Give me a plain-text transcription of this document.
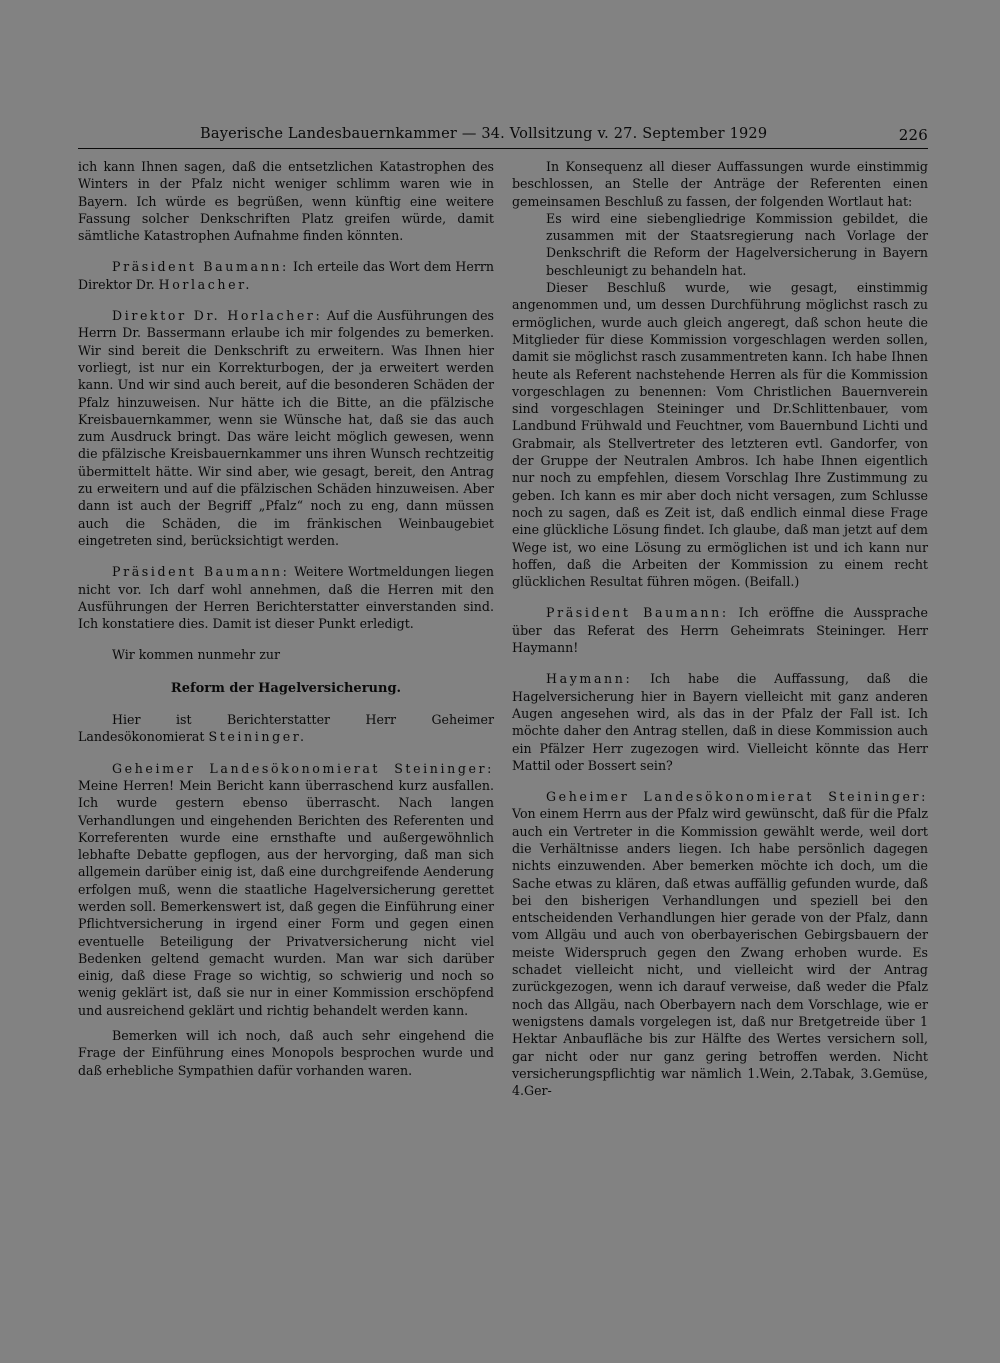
Bayerische Landesbauernkammer — 34. Vollsitzung v. 27. September 1929	226

ich kann Ihnen sagen, daß die entsetzlichen Katastrophen des Winters in der Pfalz nicht weniger schlimm waren wie in Bayern. Ich würde es begrüßen, wenn künftig eine weitere Fassung solcher Denkschriften Platz greifen würde, damit sämtliche Katastrophen Aufnahme finden könnten.

Präsident Baumann: Ich erteile das Wort dem Herrn Direktor Dr. Horlacher.

Direktor Dr. Horlacher: Auf die Ausführungen des Herrn Dr. Bassermann erlaube ich mir folgendes zu bemerken. Wir sind bereit die Denkschrift zu erweitern. Was Ihnen hier vorliegt, ist nur ein Korrekturbogen, der ja erweitert werden kann. Und wir sind auch bereit, auf die besonderen Schäden der Pfalz hinzuweisen. Nur hätte ich die Bitte, an die pfälzische Kreisbauernkammer, wenn sie Wünsche hat, daß sie das auch zum Ausdruck bringt. Das wäre leicht möglich gewesen, wenn die pfälzische Kreisbauernkammer uns ihren Wunsch rechtzeitig übermittelt hätte. Wir sind aber, wie gesagt, bereit, den Antrag zu erweitern und auf die pfälzischen Schäden hinzuweisen. Aber dann ist auch der Begriff „Pfalz“ noch zu eng, dann müssen auch die Schäden, die im fränkischen Weinbaugebiet eingetreten sind, berücksichtigt werden.

Präsident Baumann: Weitere Wortmeldungen liegen nicht vor. Ich darf wohl annehmen, daß die Herren mit den Ausführungen der Herren Berichterstatter einverstanden sind. Ich konstatiere dies. Damit ist dieser Punkt erledigt.

Wir kommen nunmehr zur

Reform der Hagelversicherung.

Hier ist Berichterstatter Herr Geheimer Landesökonomierat Steininger.

Geheimer Landesökonomierat Steininger: Meine Herren! Mein Bericht kann überraschend kurz ausfallen. Ich wurde gestern ebenso überrascht. Nach langen Verhandlungen und eingehenden Berichten des Referenten und Korreferenten wurde eine ernsthafte und außergewöhnlich lebhafte Debatte gepflogen, aus der hervorging, daß man sich allgemein darüber einig ist, daß eine durchgreifende Aenderung erfolgen muß, wenn die staatliche Hagelversicherung gerettet werden soll. Bemerkenswert ist, daß gegen die Einführung einer Pflichtversicherung in irgend einer Form und gegen einen eventuelle Beteiligung der Privatversicherung nicht viel Bedenken geltend gemacht wurden. Man war sich darüber einig, daß diese Frage so wichtig, so schwierig und noch so wenig geklärt ist, daß sie nur in einer Kommission erschöpfend und ausreichend geklärt und richtig behandelt werden kann.

Bemerken will ich noch, daß auch sehr eingehend die Frage der Einführung eines Monopols besprochen wurde und daß erhebliche Sympathien dafür vorhanden waren.

In Konsequenz all dieser Auffassungen wurde einstimmig beschlossen, an Stelle der Anträge der Referenten einen gemeinsamen Beschluß zu fassen, der folgenden Wortlaut hat:

Es wird eine siebengliedrige Kommission gebildet, die zusammen mit der Staatsregierung nach Vorlage der Denkschrift die Reform der Hagelversicherung in Bayern beschleunigt zu behandeln hat.

Dieser Beschluß wurde, wie gesagt, einstimmig angenommen und, um dessen Durchführung möglichst rasch zu ermöglichen, wurde auch gleich angeregt, daß schon heute die Mitglieder für diese Kommission vorgeschlagen werden sollen, damit sie möglichst rasch zusammentreten kann. Ich habe Ihnen heute als Referent nachstehende Herren als für die Kommission vorgeschlagen zu benennen: Vom Christlichen Bauernverein sind vorgeschlagen Steininger und Dr.Schlittenbauer, vom Landbund Frühwald und Feuchtner, vom Bauernbund Lichti und Grabmair, als Stellvertreter des letzteren evtl. Gandorfer, von der Gruppe der Neutralen Ambros. Ich habe Ihnen eigentlich nur noch zu empfehlen, diesem Vorschlag Ihre Zustimmung zu geben. Ich kann es mir aber doch nicht versagen, zum Schlusse noch zu sagen, daß es Zeit ist, daß endlich einmal diese Frage eine glückliche Lösung findet. Ich glaube, daß man jetzt auf dem Wege ist, wo eine Lösung zu ermöglichen ist und ich kann nur hoffen, daß die Arbeiten der Kommission zu einem recht glücklichen Resultat führen mögen. (Beifall.)

Präsident Baumann: Ich eröffne die Aussprache über das Referat des Herrn Geheimrats Steininger. Herr Haymann!

Haymann: Ich habe die Auffassung, daß die Hagelversicherung hier in Bayern vielleicht mit ganz anderen Augen angesehen wird, als das in der Pfalz der Fall ist. Ich möchte daher den Antrag stellen, daß in diese Kommission auch ein Pfälzer Herr zugezogen wird. Vielleicht könnte das Herr Mattil oder Bossert sein?

Geheimer Landesökonomierat Steininger: Von einem Herrn aus der Pfalz wird gewünscht, daß für die Pfalz auch ein Vertreter in die Kommission gewählt werde, weil dort die Verhältnisse anders liegen. Ich habe persönlich dagegen nichts einzuwenden. Aber bemerken möchte ich doch, um die Sache etwas zu klären, daß etwas auffällig gefunden wurde, daß bei den bisherigen Verhandlungen und speziell bei den entscheidenden Verhandlungen hier gerade von der Pfalz, dann vom Allgäu und auch von oberbayerischen Gebirgsbauern der meiste Widerspruch gegen den Zwang erhoben wurde. Es schadet vielleicht nicht, und vielleicht wird der Antrag zurückgezogen, wenn ich darauf verweise, daß weder die Pfalz noch das Allgäu, nach Oberbayern nach dem Vorschlage, wie er wenigstens damals vorgelegen ist, daß nur Bretgetreide über 1 Hektar Anbaufläche bis zur Hälfte des Wertes versichern soll, gar nicht oder nur ganz gering betroffen werden. Nicht versicherungspflichtig war nämlich 1.Wein, 2.Tabak, 3.Gemüse, 4.Ger-
